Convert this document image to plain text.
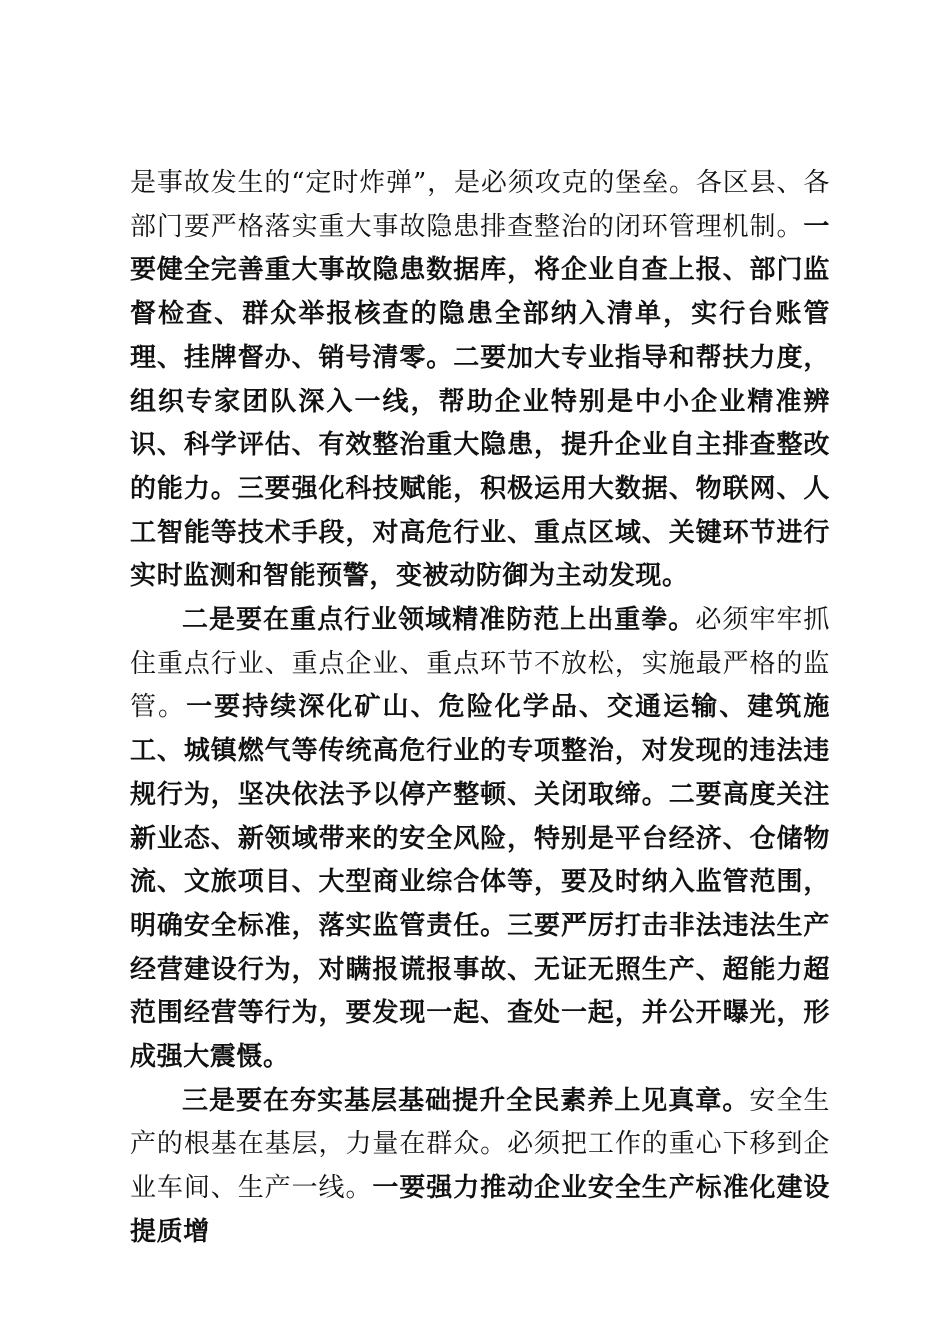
是事故发生的“定时炸弹”，是必须攻克的堡垒。各区县、各部门要严格落实重大事故隐患排查整治的闭环管理机制。一要健全完善重大事故隐患数据库，将企业自查上报、部门监督检查、群众举报核查的隐患全部纳入清单，实行台账管理、挂牌督办、销号清零。二要加大专业指导和帮扶力度，组织专家团队深入一线，帮助企业特别是中小企业精准辨识、科学评估、有效整治重大隐患，提升企业自主排查整改的能力。三要强化科技赋能，积极运用大数据、物联网、人工智能等技术手段，对高危行业、重点区域、关键环节进行实时监测和智能预警，变被动防御为主动发现。

二是要在重点行业领域精准防范上出重拳。必须牢牢抓住重点行业、重点企业、重点环节不放松，实施最严格的监管。一要持续深化矿山、危险化学品、交通运输、建筑施工、城镇燃气等传统高危行业的专项整治，对发现的违法违规行为，坚决依法予以停产整顿、关闭取缔。二要高度关注新业态、新领域带来的安全风险，特别是平台经济、仓储物流、文旅项目、大型商业综合体等，要及时纳入监管范围，明确安全标准，落实监管责任。三要严厉打击非法违法生产经营建设行为，对瞒报谎报事故、无证无照生产、超能力超范围经营等行为，要发现一起、查处一起，并公开曝光，形成强大震慑。

三是要在夯实基层基础提升全民素养上见真章。安全生产的根基在基层，力量在群众。必须把工作的重心下移到企业车间、生产一线。一要强力推动企业安全生产标准化建设提质增
